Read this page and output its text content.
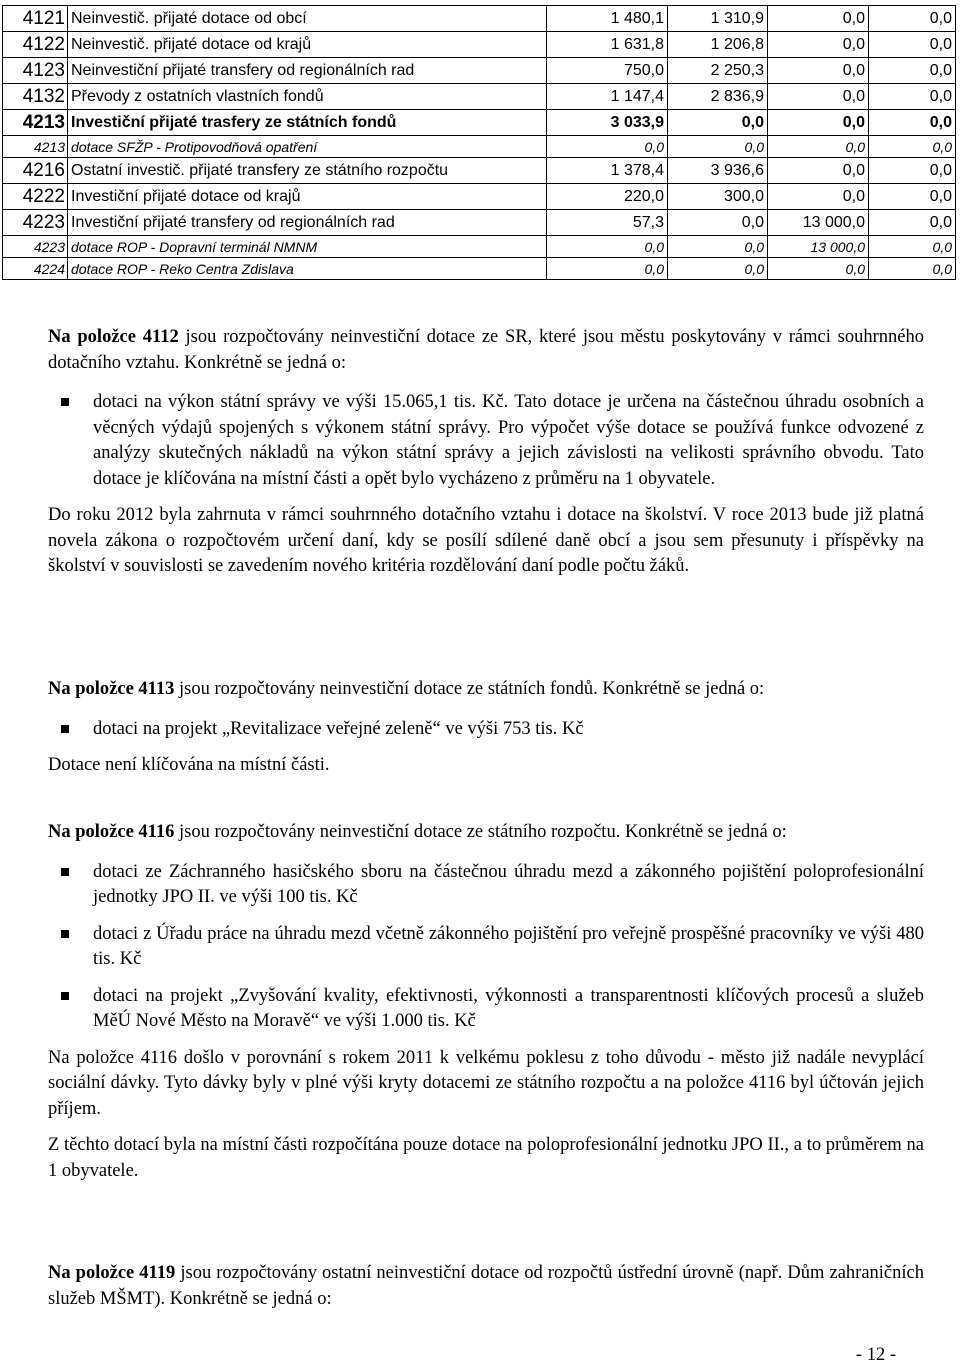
4121	Neinvestič. přijaté dotace od obcí	1 480,1	1 310,9	0,0	0,0
4122	Neinvestič. přijaté dotace od krajů	1 631,8	1 206,8	0,0	0,0
4123	Neinvestiční přijaté transfery od regionálních rad	750,0	2 250,3	0,0	0,0
4132	Převody z ostatních vlastních fondů	1 147,4	2 836,9	0,0	0,0
4213	Investiční přijaté trasfery ze státních fondů	3 033,9	0,0	0,0	0,0
4213	dotace SFŽP - Protipovodňová opatření	0,0	0,0	0,0	0,0
4216	Ostatní investič. přijaté transfery ze státního rozpočtu	1 378,4	3 936,6	0,0	0,0
4222	Investiční přijaté dotace od krajů	220,0	300,0	0,0	0,0
4223	Investiční přijaté transfery od regionálních rad	57,3	0,0	13 000,0	0,0
4223	dotace ROP - Dopravní terminál NMNM	0,0	0,0	13 000,0	0,0
4224	dotace ROP - Reko Centra Zdislava	0,0	0,0	0,0	0,0

Na položce 4112 jsou rozpočtovány neinvestiční dotace ze SR, které jsou městu poskytovány v rámci souhrnného dotačního vztahu. Konkrétně se jedná o:

dotaci na výkon státní správy ve výši 15.065,1 tis. Kč. Tato dotace je určena na částečnou úhradu osobních a věcných výdajů spojených s výkonem státní správy. Pro výpočet výše dotace se používá funkce odvozené z analýzy skutečných nákladů na výkon státní správy a jejich závislosti na velikosti správního obvodu. Tato dotace je klíčována na místní části a opět bylo vycházeno z průměru na 1 obyvatele.

Do roku 2012 byla zahrnuta v rámci souhrnného dotačního vztahu i dotace na školství. V roce 2013 bude již platná novela zákona o rozpočtovém určení daní, kdy se posílí sdílené daně obcí a jsou sem přesunuty i příspěvky na školství v souvislosti se zavedením nového kritéria rozdělování daní podle počtu žáků.

Na položce 4113 jsou rozpočtovány neinvestiční dotace ze státních fondů. Konkrétně se jedná o:

dotaci na projekt „Revitalizace veřejné zeleně“ ve výši 753 tis. Kč

Dotace není klíčována na místní části.

Na položce 4116 jsou rozpočtovány neinvestiční dotace ze státního rozpočtu. Konkrétně se jedná o:

dotaci ze Záchranného hasičského sboru na částečnou úhradu mezd a zákonného pojištění poloprofesionální jednotky JPO II. ve výši 100 tis. Kč

dotaci z Úřadu práce na úhradu mezd včetně zákonného pojištění pro veřejně prospěšné pracovníky ve výši 480 tis. Kč

dotaci na projekt „Zvyšování kvality, efektivnosti, výkonnosti a transparentnosti klíčových procesů a služeb MěÚ Nové Město na Moravě“ ve výši 1.000 tis. Kč

Na položce 4116 došlo v porovnání s rokem 2011 k velkému poklesu z toho důvodu - město již nadále nevyplácí sociální dávky. Tyto dávky byly v plné výši kryty dotacemi ze státního rozpočtu a na položce 4116 byl účtován jejich příjem.

Z těchto dotací byla na místní části rozpočítána pouze dotace na poloprofesionální jednotku JPO II., a to průměrem na 1 obyvatele.

Na položce 4119 jsou rozpočtovány ostatní neinvestiční dotace od rozpočtů ústřední úrovně (např. Dům zahraničních služeb MŠMT). Konkrétně se jedná o:

- 12 -
